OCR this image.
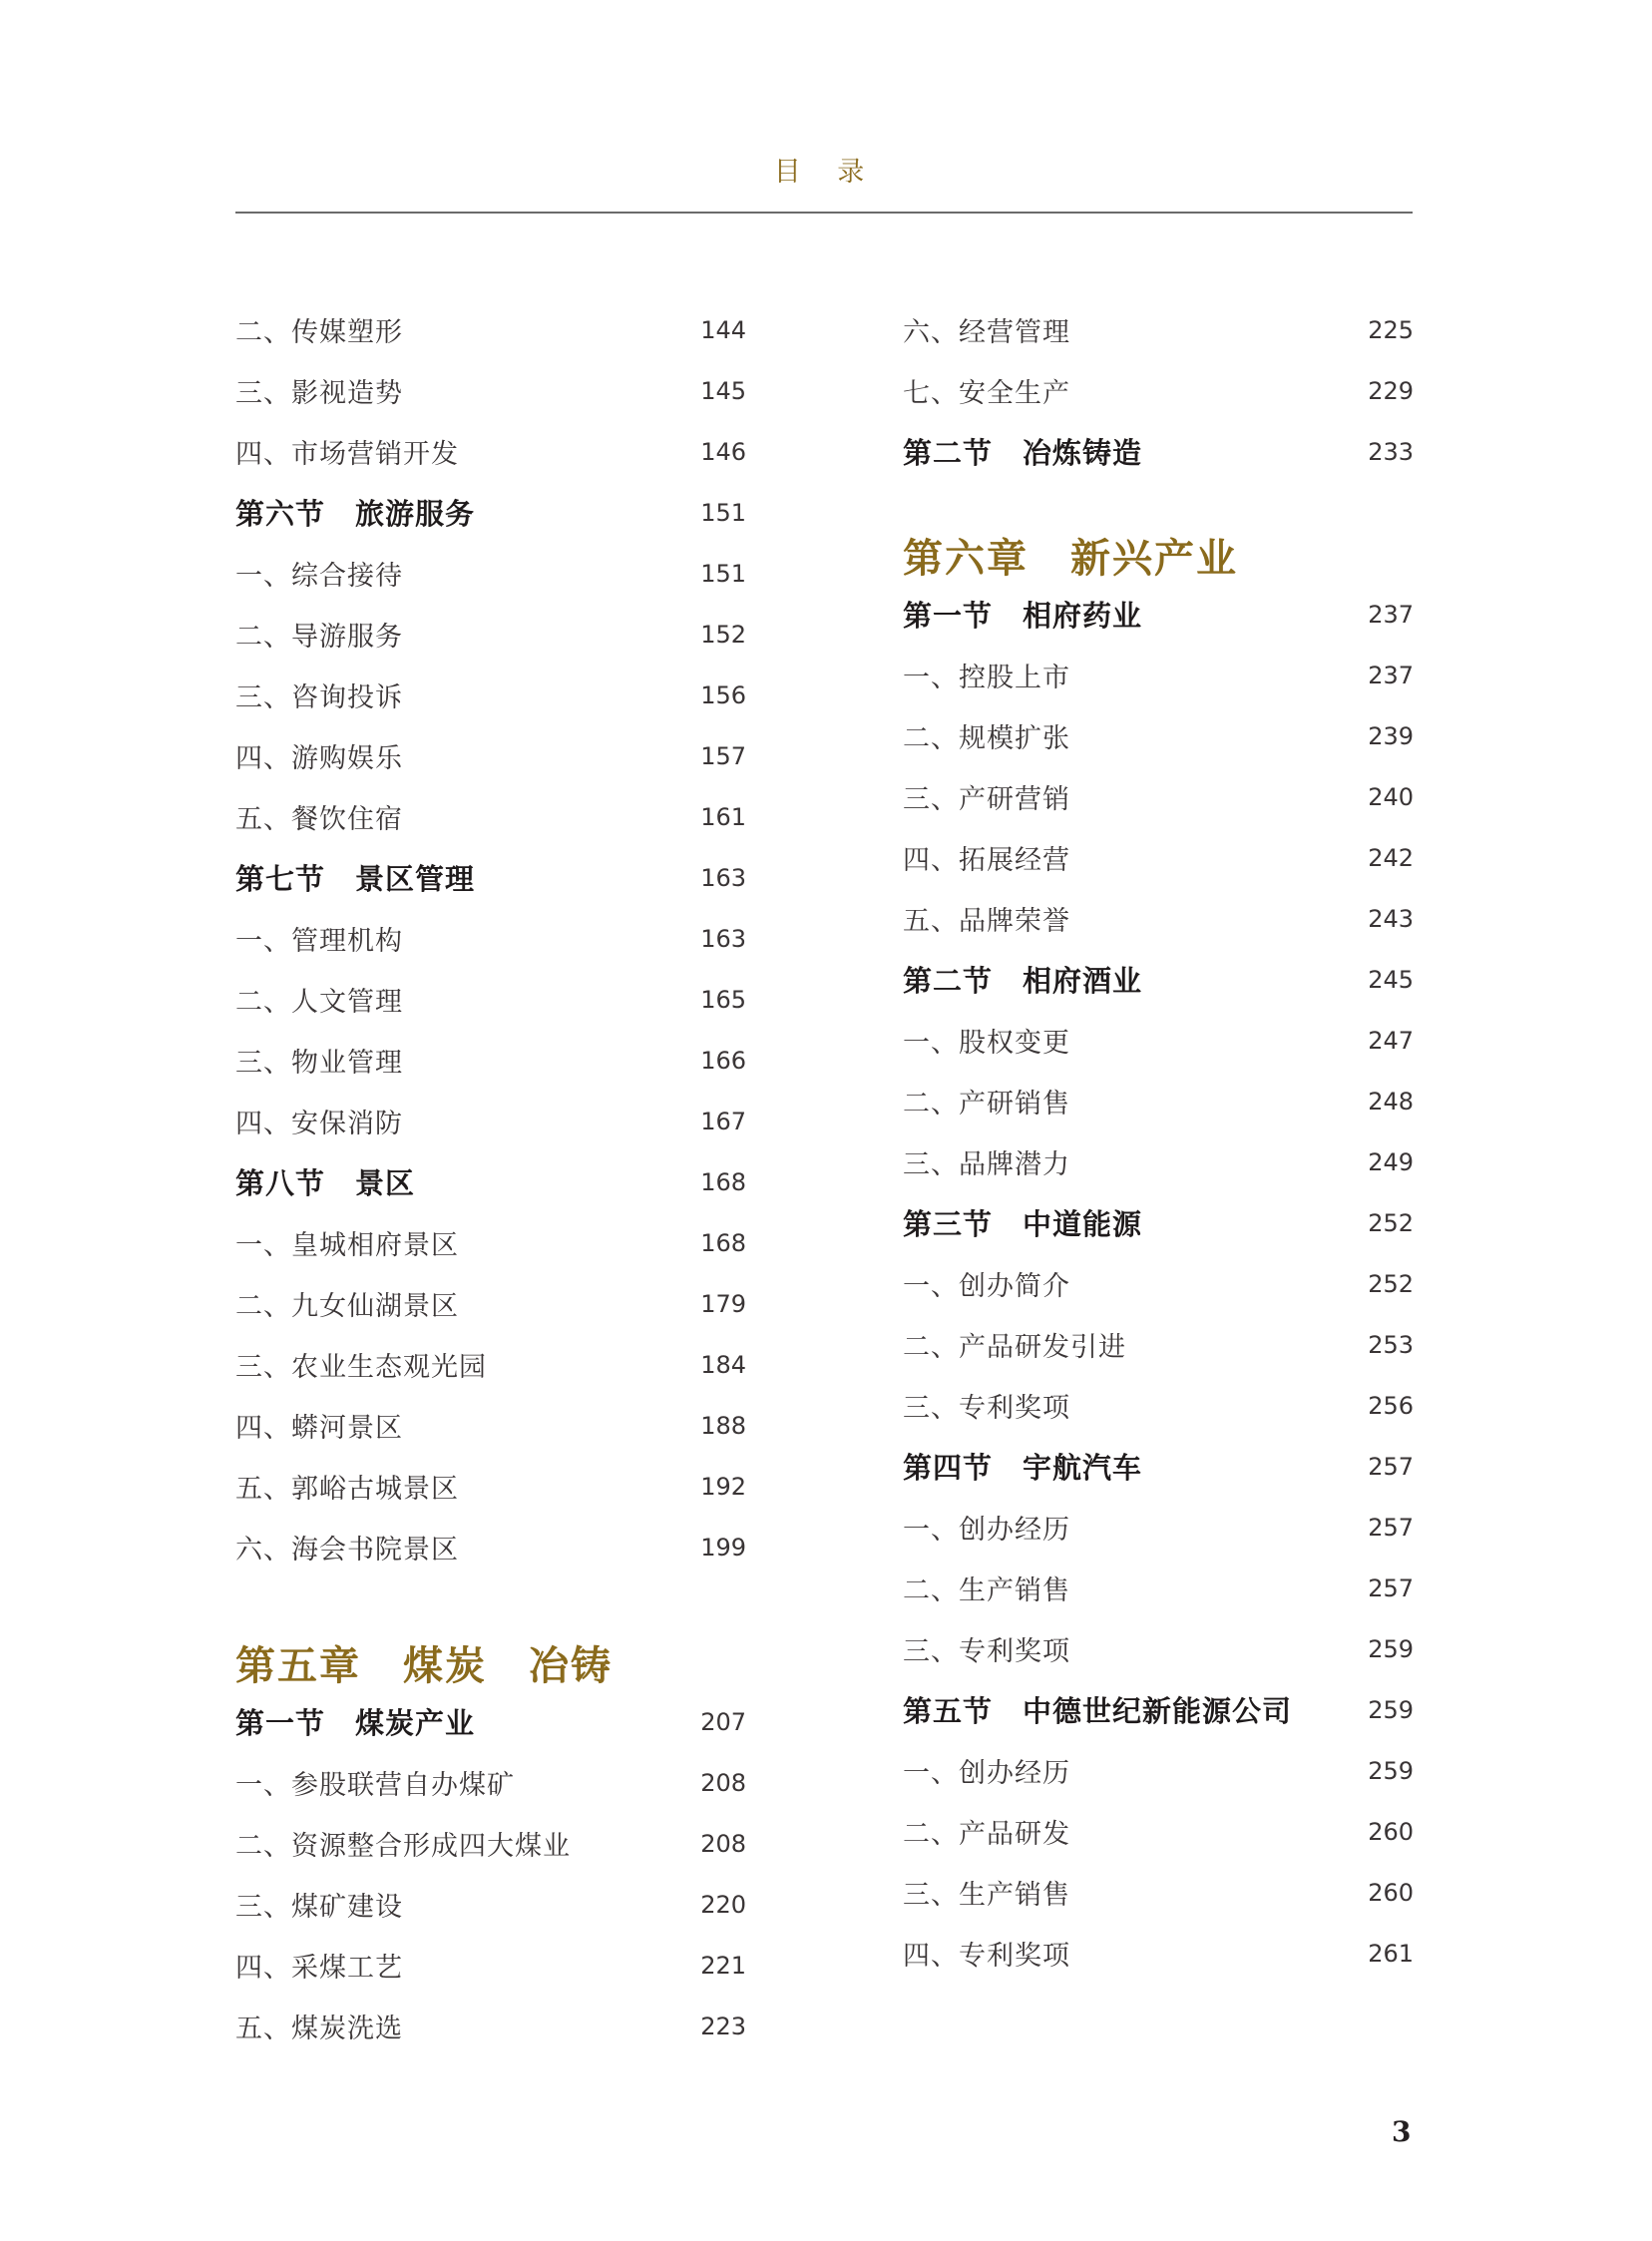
目 录
二、传媒塑形	144
三、影视造势	145
四、市场营销开发	146
第六节　旅游服务	151
一、综合接待	151
二、导游服务	152
三、咨询投诉	156
四、游购娱乐	157
五、餐饮住宿	161
第七节　景区管理	163
一、管理机构	163
二、人文管理	165
三、物业管理	166
四、安保消防	167
第八节　景区	168
一、皇城相府景区	168
二、九女仙湖景区	179
三、农业生态观光园	184
四、蟒河景区	188
五、郭峪古城景区	192
六、海会书院景区	199
第五章　煤炭　冶铸
第一节　煤炭产业	207
一、参股联营自办煤矿	208
二、资源整合形成四大煤业	208
三、煤矿建设	220
四、采煤工艺	221
五、煤炭洗选	223
六、经营管理	225
七、安全生产	229
第二节　冶炼铸造	233
第六章　新兴产业
第一节　相府药业	237
一、控股上市	237
二、规模扩张	239
三、产研营销	240
四、拓展经营	242
五、品牌荣誉	243
第二节　相府酒业	245
一、股权变更	247
二、产研销售	248
三、品牌潜力	249
第三节　中道能源	252
一、创办简介	252
二、产品研发引进	253
三、专利奖项	256
第四节　宇航汽车	257
一、创办经历	257
二、生产销售	257
三、专利奖项	259
第五节　中德世纪新能源公司	259
一、创办经历	259
二、产品研发	260
三、生产销售	260
四、专利奖项	261
3
